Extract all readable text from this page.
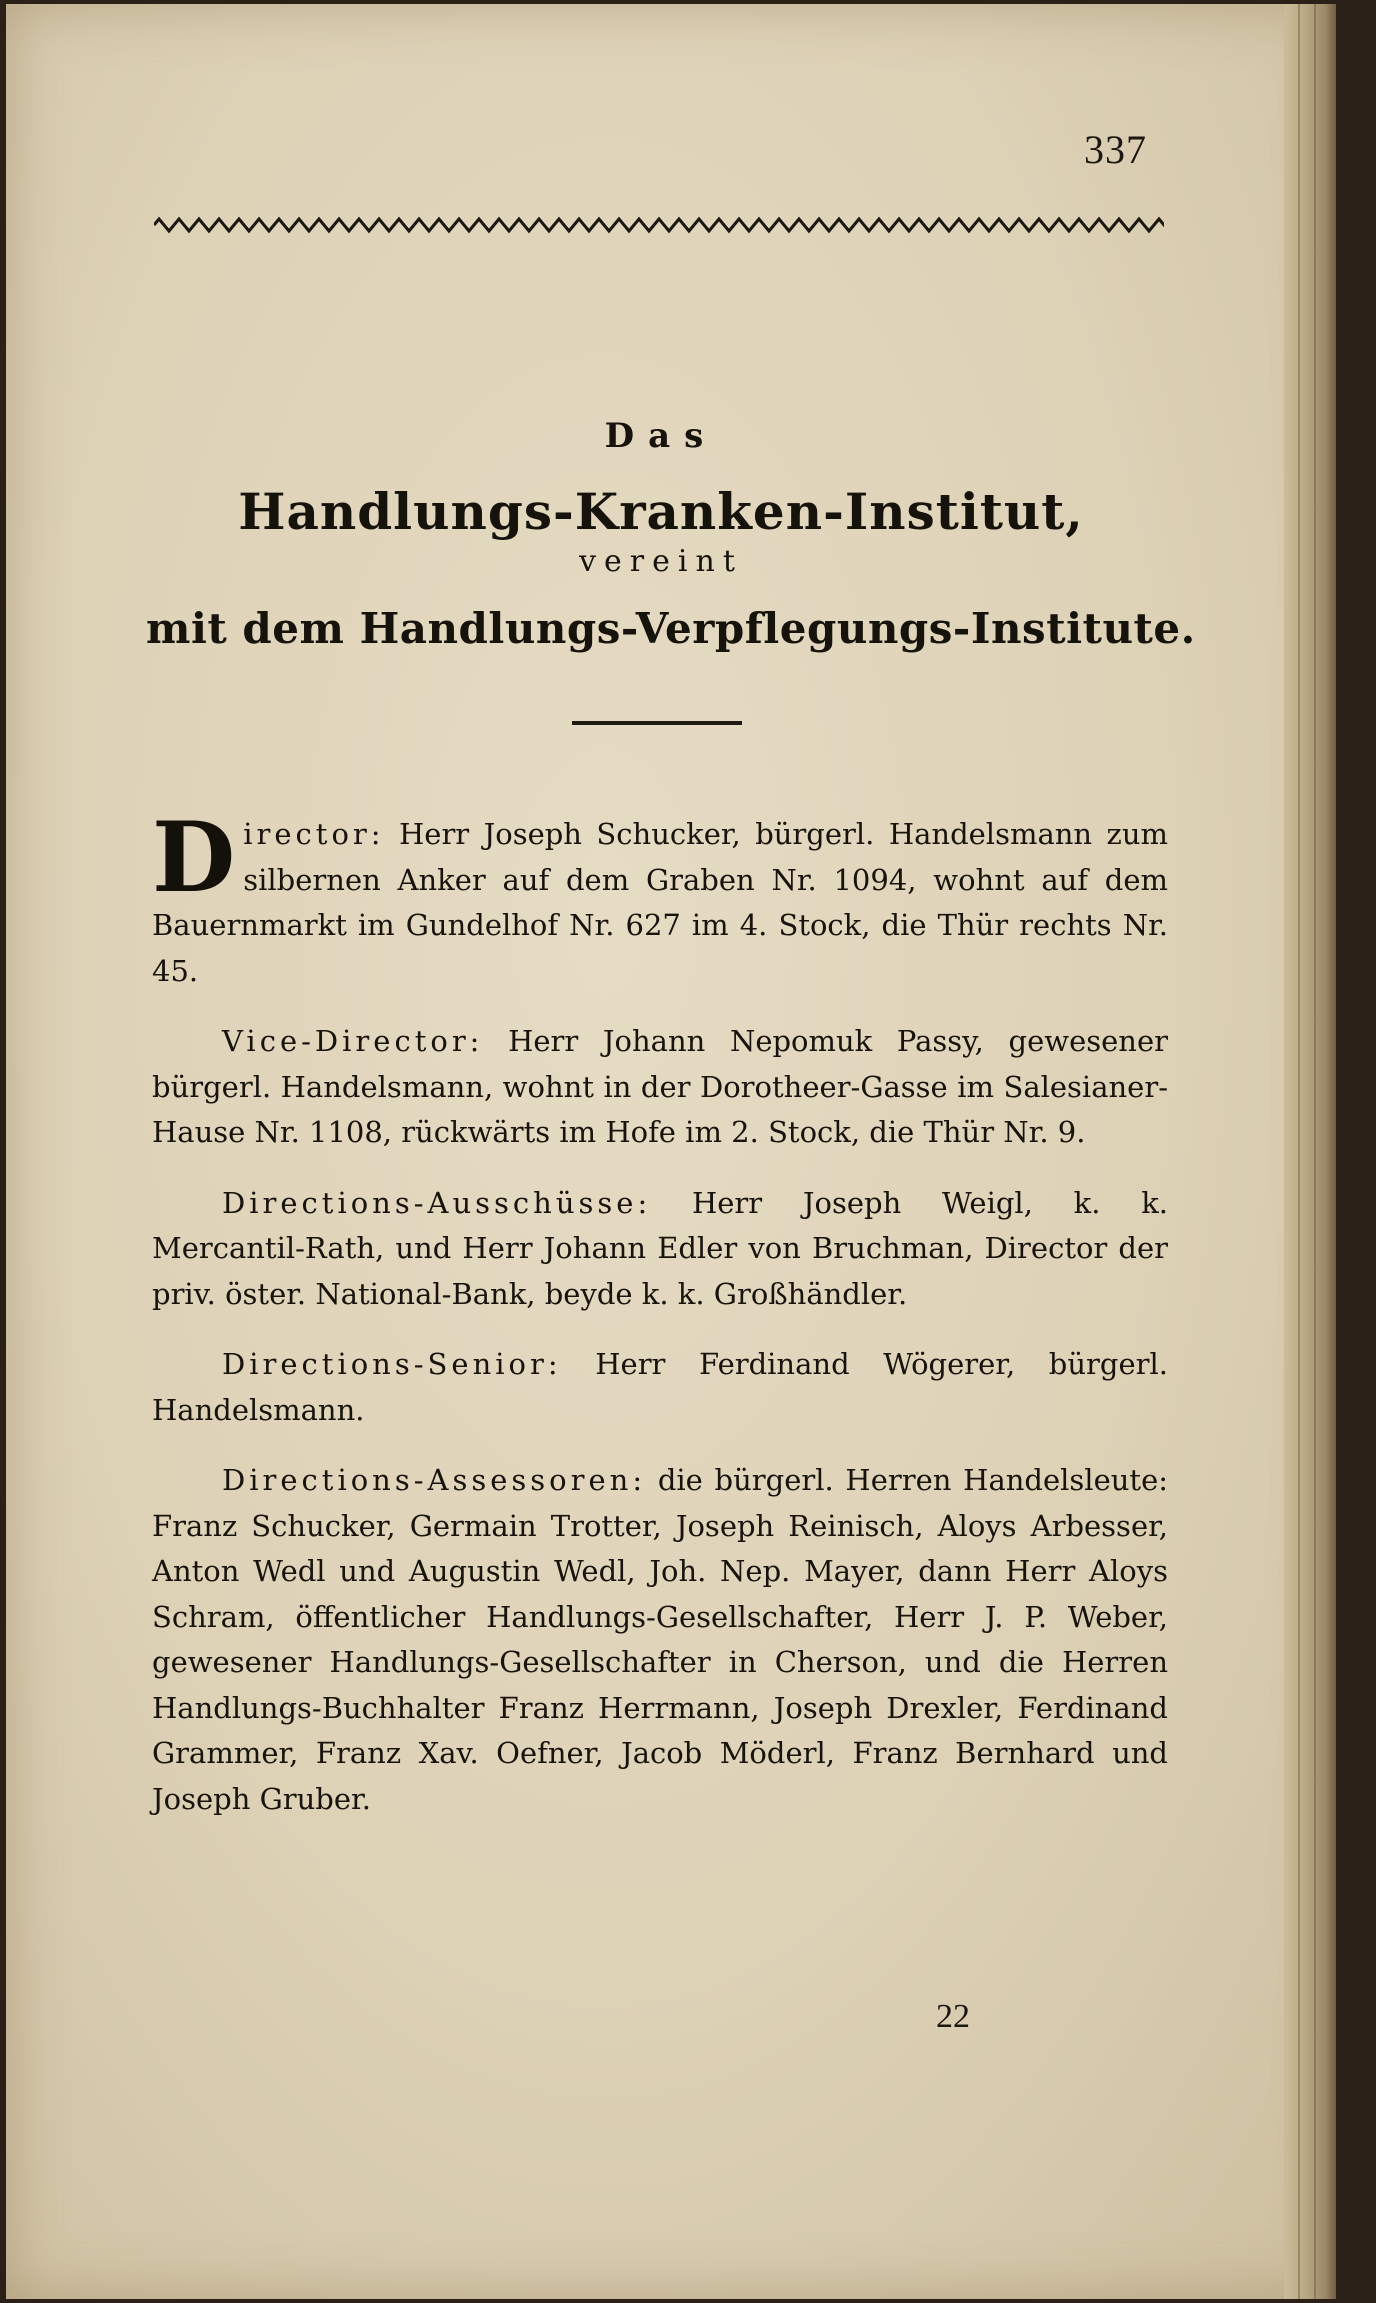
337
Das
Handlungs-Kranken-Institut,
vereint
mit dem Handlungs-Verpflegungs-Institute.

Director: Herr Joseph Schucker, bürgerl. Handelsmann zum silbernen Anker auf dem Graben Nr. 1094, wohnt auf dem Bauernmarkt im Gundelhof Nr. 627 im 4. Stock, die Thür rechts Nr. 45.

Vice-Director: Herr Johann Nepomuk Passy, gewesener bürgerl. Handelsmann, wohnt in der Dorotheer-Gasse im Salesianer-Hause Nr. 1108, rückwärts im Hofe im 2. Stock, die Thür Nr. 9.

Directions-Ausschüsse: Herr Joseph Weigl, k. k. Mercantil-Rath, und Herr Johann Edler von Bruchman, Director der priv. öster. National-Bank, beyde k. k. Großhändler.

Directions-Senior: Herr Ferdinand Wögerer, bürgerl. Handelsmann.

Directions-Assessoren: die bürgerl. Herren Handelsleute: Franz Schucker, Germain Trotter, Joseph Reinisch, Aloys Arbesser, Anton Wedl und Augustin Wedl, Joh. Nep. Mayer, dann Herr Aloys Schram, öffentlicher Handlungs-Gesellschafter, Herr J. P. Weber, gewesener Handlungs-Gesellschafter in Cherson, und die Herren Handlungs-Buchhalter Franz Herrmann, Joseph Drexler, Ferdinand Grammer, Franz Xav. Oefner, Jacob Möderl, Franz Bernhard und Joseph Gruber.

22
